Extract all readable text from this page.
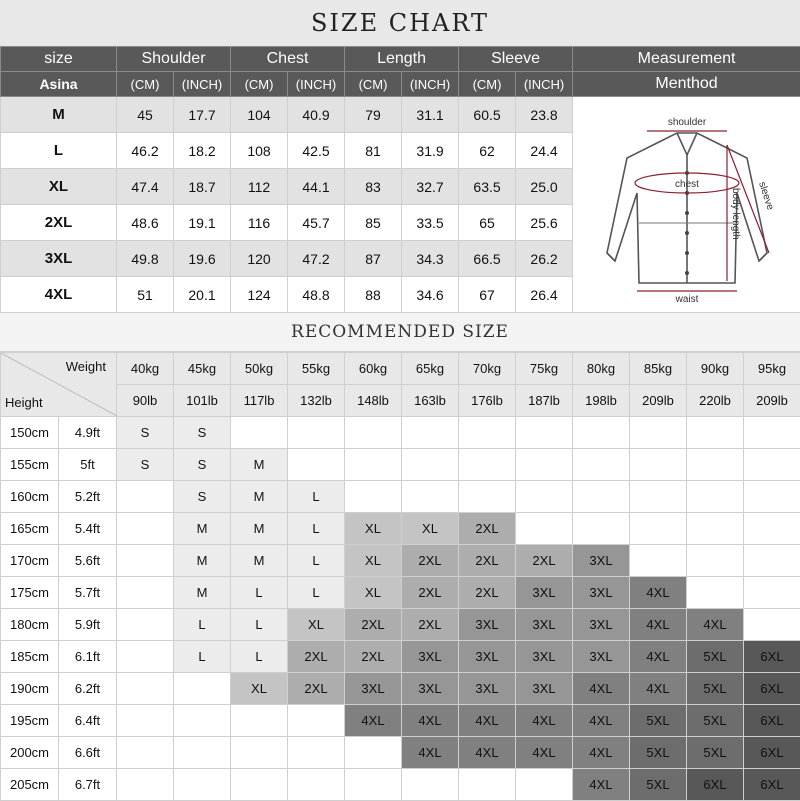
SIZE CHART
size	Shoulder		Chest		Length		Sleeve		Measurement
Asina	(CM)	(INCH)	(CM)	(INCH)	(CM)	(INCH)	(CM)	(INCH)	Menthod
M	45	17.7	104	40.9	79	31.1	60.5	23.8	shoulder
chest sleeve
body length
waist

L	46.2	18.2	108	42.5	81	31.9	62	24.4	
XL	47.4	18.7	112	44.1	83	32.7	63.5	25.0	
2XL	48.6	19.1	116	45.7	85	33.5	65	25.6	
3XL	49.8	19.6	120	47.2	87	34.3	66.5	26.2	
4XL	51	20.1	124	48.8	88	34.6	67	26.4	
RECOMMENDED SIZE
Weight
Height		40kg	45kg	50kg	55kg	60kg	65kg	70kg	75kg	80kg	85kg	90kg	95kg
		90lb	101lb	117lb	132lb	148lb	163lb	176lb	187lb	198lb	209lb	220lb	209lb
150cm	4.9ft	S	S										
155cm	5ft	S	S	M									
160cm	5.2ft		S	M	L								
165cm	5.4ft		M	M	L	XL	XL	2XL					
170cm	5.6ft		M	M	L	XL	2XL	2XL	2XL	3XL			
175cm	5.7ft		M	L	L	XL	2XL	2XL	3XL	3XL	4XL		
180cm	5.9ft		L	L	XL	2XL	2XL	3XL	3XL	3XL	4XL	4XL	
185cm	6.1ft		L	L	2XL	2XL	3XL	3XL	3XL	3XL	4XL	5XL	6XL
190cm	6.2ft			XL	2XL	3XL	3XL	3XL	3XL	4XL	4XL	5XL	6XL
195cm	6.4ft					4XL	4XL	4XL	4XL	4XL	5XL	5XL	6XL
200cm	6.6ft						4XL	4XL	4XL	4XL	5XL	5XL	6XL
205cm	6.7ft									4XL	5XL	6XL	6XL
